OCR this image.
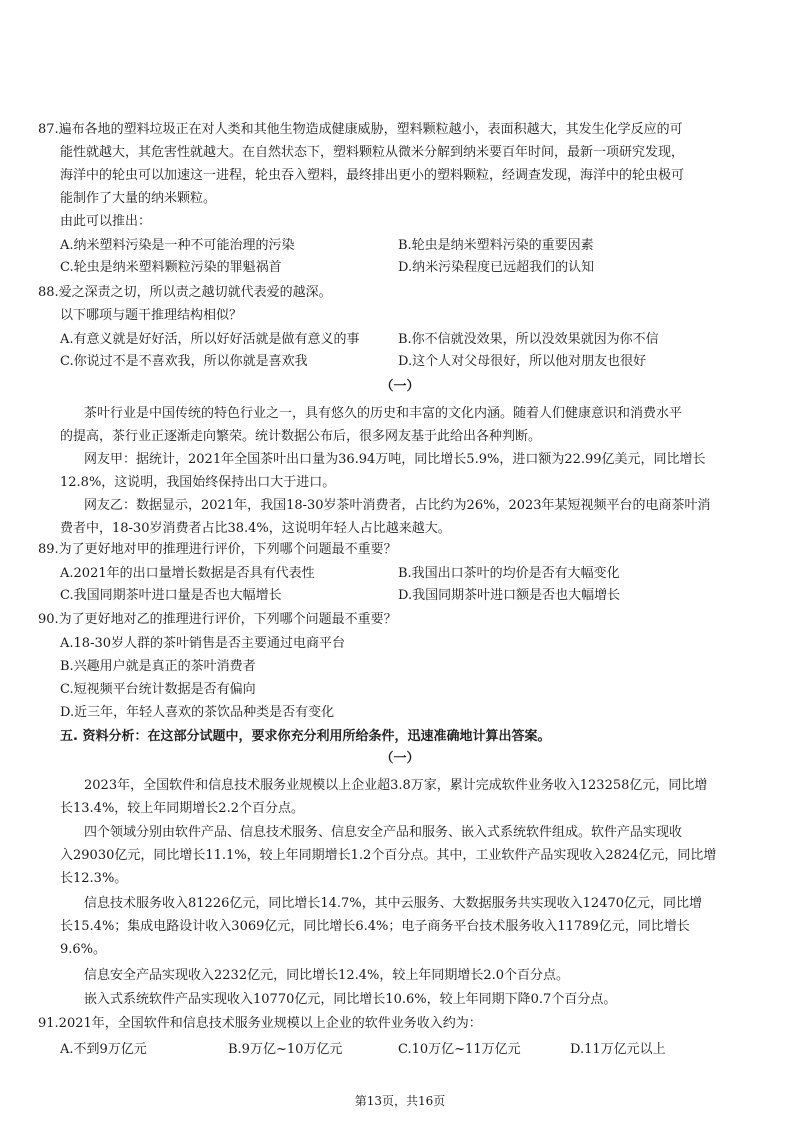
87.遍布各地的塑料垃圾正在对人类和其他生物造成健康威胁，塑料颗粒越小，表面积越大，其发生化学反应的可
能性就越大，其危害性就越大。在自然状态下，塑料颗粒从微米分解到纳米要百年时间，最新一项研究发现，
海洋中的轮虫可以加速这一进程，轮虫吞入塑料，最终排出更小的塑料颗粒，经调查发现，海洋中的轮虫极可
能制作了大量的纳米颗粒。
由此可以推出：
A.纳米塑料污染是一种不可能治理的污染	B.轮虫是纳米塑料污染的重要因素
C.轮虫是纳米塑料颗粒污染的罪魁祸首	D.纳米污染程度已远超我们的认知
88.爱之深责之切，所以责之越切就代表爱的越深。
以下哪项与题干推理结构相似？
A.有意义就是好好活，所以好好活就是做有意义的事	B.你不信就没效果，所以没效果就因为你不信
C.你说过不是不喜欢我，所以你就是喜欢我	D.这个人对父母很好，所以他对朋友也很好
（一）
茶叶行业是中国传统的特色行业之一，具有悠久的历史和丰富的文化内涵。随着人们健康意识和消费水平
的提高，茶行业正逐渐走向繁荣。统计数据公布后，很多网友基于此给出各种判断。
网友甲：据统计，2021年全国茶叶出口量为36.94万吨，同比增长5.9%，进口额为22.99亿美元，同比增长
12.8%，这说明，我国始终保持出口大于进口。
网友乙：数据显示，2021年，我国18-30岁茶叶消费者，占比约为26%，2023年某短视频平台的电商茶叶消
费者中，18-30岁消费者占比38.4%，这说明年轻人占比越来越大。
89.为了更好地对甲的推理进行评价，下列哪个问题最不重要？
A.2021年的出口量增长数据是否具有代表性	B.我国出口茶叶的均价是否有大幅变化
C.我国同期茶叶进口量是否也大幅增长	D.我国同期茶叶进口额是否也大幅增长
90.为了更好地对乙的推理进行评价，下列哪个问题最不重要？
A.18-30岁人群的茶叶销售是否主要通过电商平台
B.兴趣用户就是真正的茶叶消费者
C.短视频平台统计数据是否有偏向
D.近三年，年轻人喜欢的茶饮品种类是否有变化
五. 资料分析：在这部分试题中，要求你充分利用所给条件，迅速准确地计算出答案。
（一）
2023年，全国软件和信息技术服务业规模以上企业超3.8万家，累计完成软件业务收入123258亿元，同比增
长13.4%，较上年同期增长2.2个百分点。
四个领域分别由软件产品、信息技术服务、信息安全产品和服务、嵌入式系统软件组成。软件产品实现收
入29030亿元，同比增长11.1%，较上年同期增长1.2个百分点。其中，工业软件产品实现收入2824亿元，同比增
长12.3%。
信息技术服务收入81226亿元，同比增长14.7%，其中云服务、大数据服务共实现收入12470亿元，同比增
长15.4%；集成电路设计收入3069亿元，同比增长6.4%；电子商务平台技术服务收入11789亿元，同比增长
9.6%。
信息安全产品实现收入2232亿元，同比增长12.4%，较上年同期增长2.0个百分点。
嵌入式系统软件产品实现收入10770亿元，同比增长10.6%，较上年同期下降0.7个百分点。
91.2021年，全国软件和信息技术服务业规模以上企业的软件业务收入约为：
A.不到9万亿元	B.9万亿~10万亿元	C.10万亿~11万亿元	D.11万亿元以上
第13页，共16页
